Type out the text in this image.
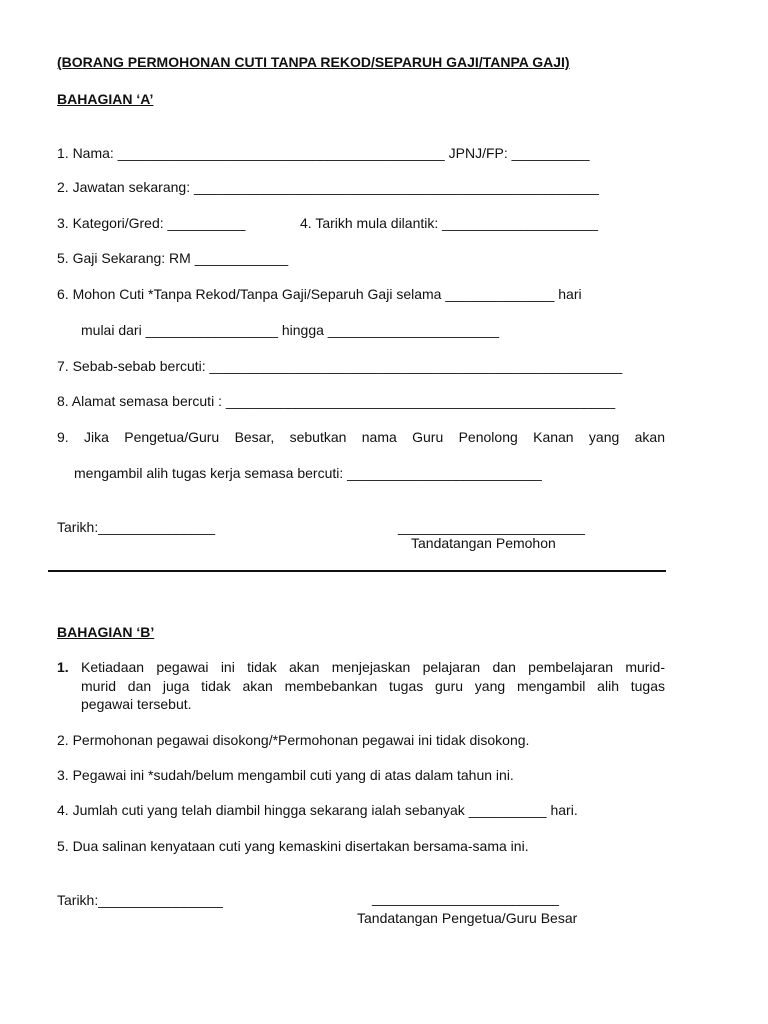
(BORANG PERMOHONAN CUTI TANPA REKOD/SEPARUH GAJI/TANPA GAJI)
BAHAGIAN ‘A’
1. Nama: __________________________________________ JPNJ/FP: __________
2. Jawatan sekarang: ____________________________________________________
3. Kategori/Gred: __________	4. Tarikh mula dilantik: ____________________
5. Gaji Sekarang: RM ____________
6. Mohon Cuti *Tanpa Rekod/Tanpa Gaji/Separuh Gaji selama ______________ hari
mulai dari _________________ hingga ______________________
7. Sebab-sebab bercuti: _____________________________________________________
8. Alamat semasa bercuti : __________________________________________________
9. Jika Pengetua/Guru Besar, sebutkan nama Guru Penolong Kanan yang akan
mengambil alih tugas kerja semasa bercuti: _________________________
Tarikh:_______________	________________________
Tandatangan Pemohon
BAHAGIAN ‘B’
1. Ketiadaan pegawai ini tidak akan menjejaskan pelajaran dan pembelajaran murid-
murid dan juga tidak akan membebankan tugas guru yang mengambil alih tugas
pegawai tersebut.
2. Permohonan pegawai disokong/*Permohonan pegawai ini tidak disokong.
3. Pegawai ini *sudah/belum mengambil cuti yang di atas dalam tahun ini.
4. Jumlah cuti yang telah diambil hingga sekarang ialah sebanyak __________ hari.
5. Dua salinan kenyataan cuti yang kemaskini disertakan bersama-sama ini.
Tarikh:________________	________________________
Tandatangan Pengetua/Guru Besar
